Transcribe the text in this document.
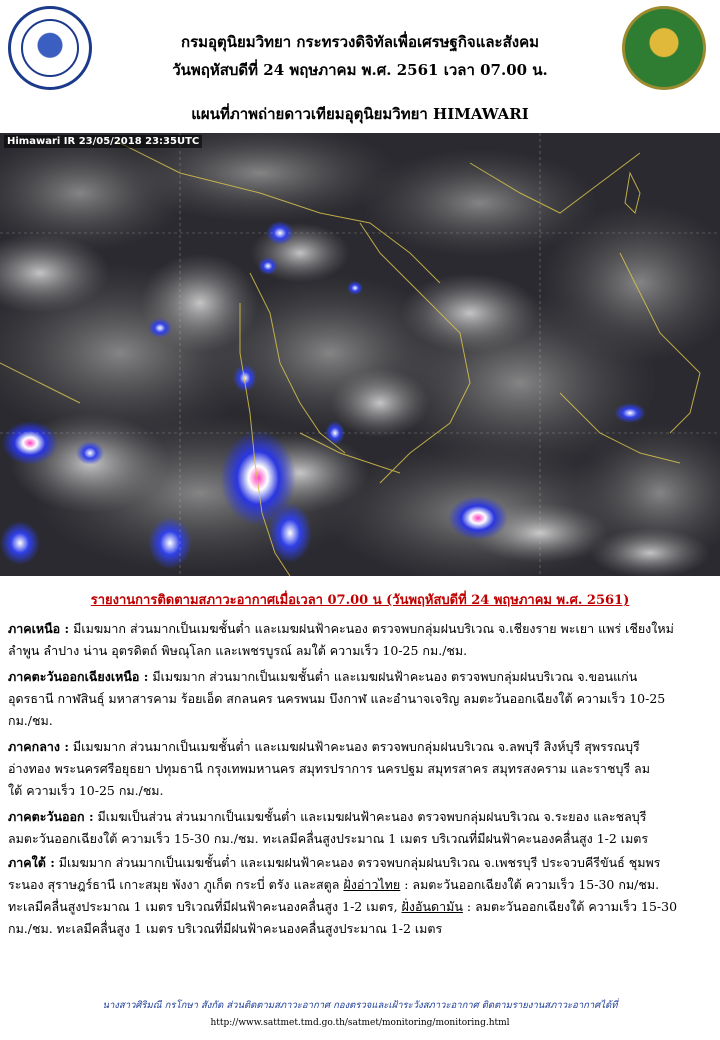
กรมอุตุนิยมวิทยา กระทรวงดิจิทัลเพื่อเศรษฐกิจและสังคม
วันพฤหัสบดีที่ 24 พฤษภาคม พ.ศ. 2561 เวลา 07.00 น.
แผนที่ภาพถ่ายดาวเทียมอุตุนิยมวิทยา HIMAWARI
Himawari IR 23/05/2018 23:35UTC
รายงานการติดตามสภาวะอากาศเมื่อเวลา 07.00 น (วันพฤหัสบดีที่ 24 พฤษภาคม พ.ศ. 2561)
ภาคเหนือ : มีเมฆมาก ส่วนมากเป็นเมฆชั้นต่ำ และเมฆฝนฟ้าคะนอง ตรวจพบกลุ่มฝนบริเวณ จ.เชียงราย พะเยา แพร่ เชียงใหม่
ลำพูน ลำปาง น่าน อุตรดิตถ์ พิษณุโลก และเพชรบูรณ์ ลมใต้ ความเร็ว 10-25 กม./ชม.
ภาคตะวันออกเฉียงเหนือ : มีเมฆมาก ส่วนมากเป็นเมฆชั้นต่ำ และเมฆฝนฟ้าคะนอง ตรวจพบกลุ่มฝนบริเวณ จ.ขอนแก่น
อุดรธานี กาฬสินธุ์ มหาสารคาม ร้อยเอ็ด สกลนคร นครพนม บึงกาฬ และอำนาจเจริญ ลมตะวันออกเฉียงใต้ ความเร็ว 10-25
กม./ชม.
ภาคกลาง : มีเมฆมาก ส่วนมากเป็นเมฆชั้นต่ำ และเมฆฝนฟ้าคะนอง ตรวจพบกลุ่มฝนบริเวณ จ.ลพบุรี สิงห์บุรี สุพรรณบุรี
อ่างทอง พระนครศรีอยุธยา ปทุมธานี กรุงเทพมหานคร สมุทรปราการ นครปฐม สมุทรสาคร สมุทรสงคราม และราชบุรี ลม
ใต้ ความเร็ว 10-25 กม./ชม.
ภาคตะวันออก : มีเมฆเป็นส่วน ส่วนมากเป็นเมฆชั้นต่ำ และเมฆฝนฟ้าคะนอง ตรวจพบกลุ่มฝนบริเวณ จ.ระยอง และชลบุรี
ลมตะวันออกเฉียงใต้ ความเร็ว 15-30 กม./ชม. ทะเลมีคลื่นสูงประมาณ 1 เมตร บริเวณที่มีฝนฟ้าคะนองคลื่นสูง 1-2 เมตร
ภาคใต้ : มีเมฆมาก ส่วนมากเป็นเมฆชั้นต่ำ และเมฆฝนฟ้าคะนอง ตรวจพบกลุ่มฝนบริเวณ จ.เพชรบุรี ประจวบคีรีขันธ์ ชุมพร
ระนอง สุราษฎร์ธานี เกาะสมุย พังงา ภูเก็ต กระบี่ ตรัง และสตูล ฝั่งอ่าวไทย : ลมตะวันออกเฉียงใต้ ความเร็ว 15-30 กม/ชม.
ทะเลมีคลื่นสูงประมาณ 1 เมตร บริเวณที่มีฝนฟ้าคะนองคลื่นสูง 1-2 เมตร, ฝั่งอันดามัน : ลมตะวันออกเฉียงใต้ ความเร็ว 15-30
กม./ชม. ทะเลมีคลื่นสูง 1 เมตร บริเวณที่มีฝนฟ้าคะนองคลื่นสูงประมาณ 1-2 เมตร
นางสาวศิริมณี กรโกษา สังกัด ส่วนติดตามสภาวะอากาศ กองตรวจและเฝ้าระวังสภาวะอากาศ ติดตามรายงานสภาวะอากาศได้ที่
http://www.sattmet.tmd.go.th/satmet/monitoring/monitoring.html
